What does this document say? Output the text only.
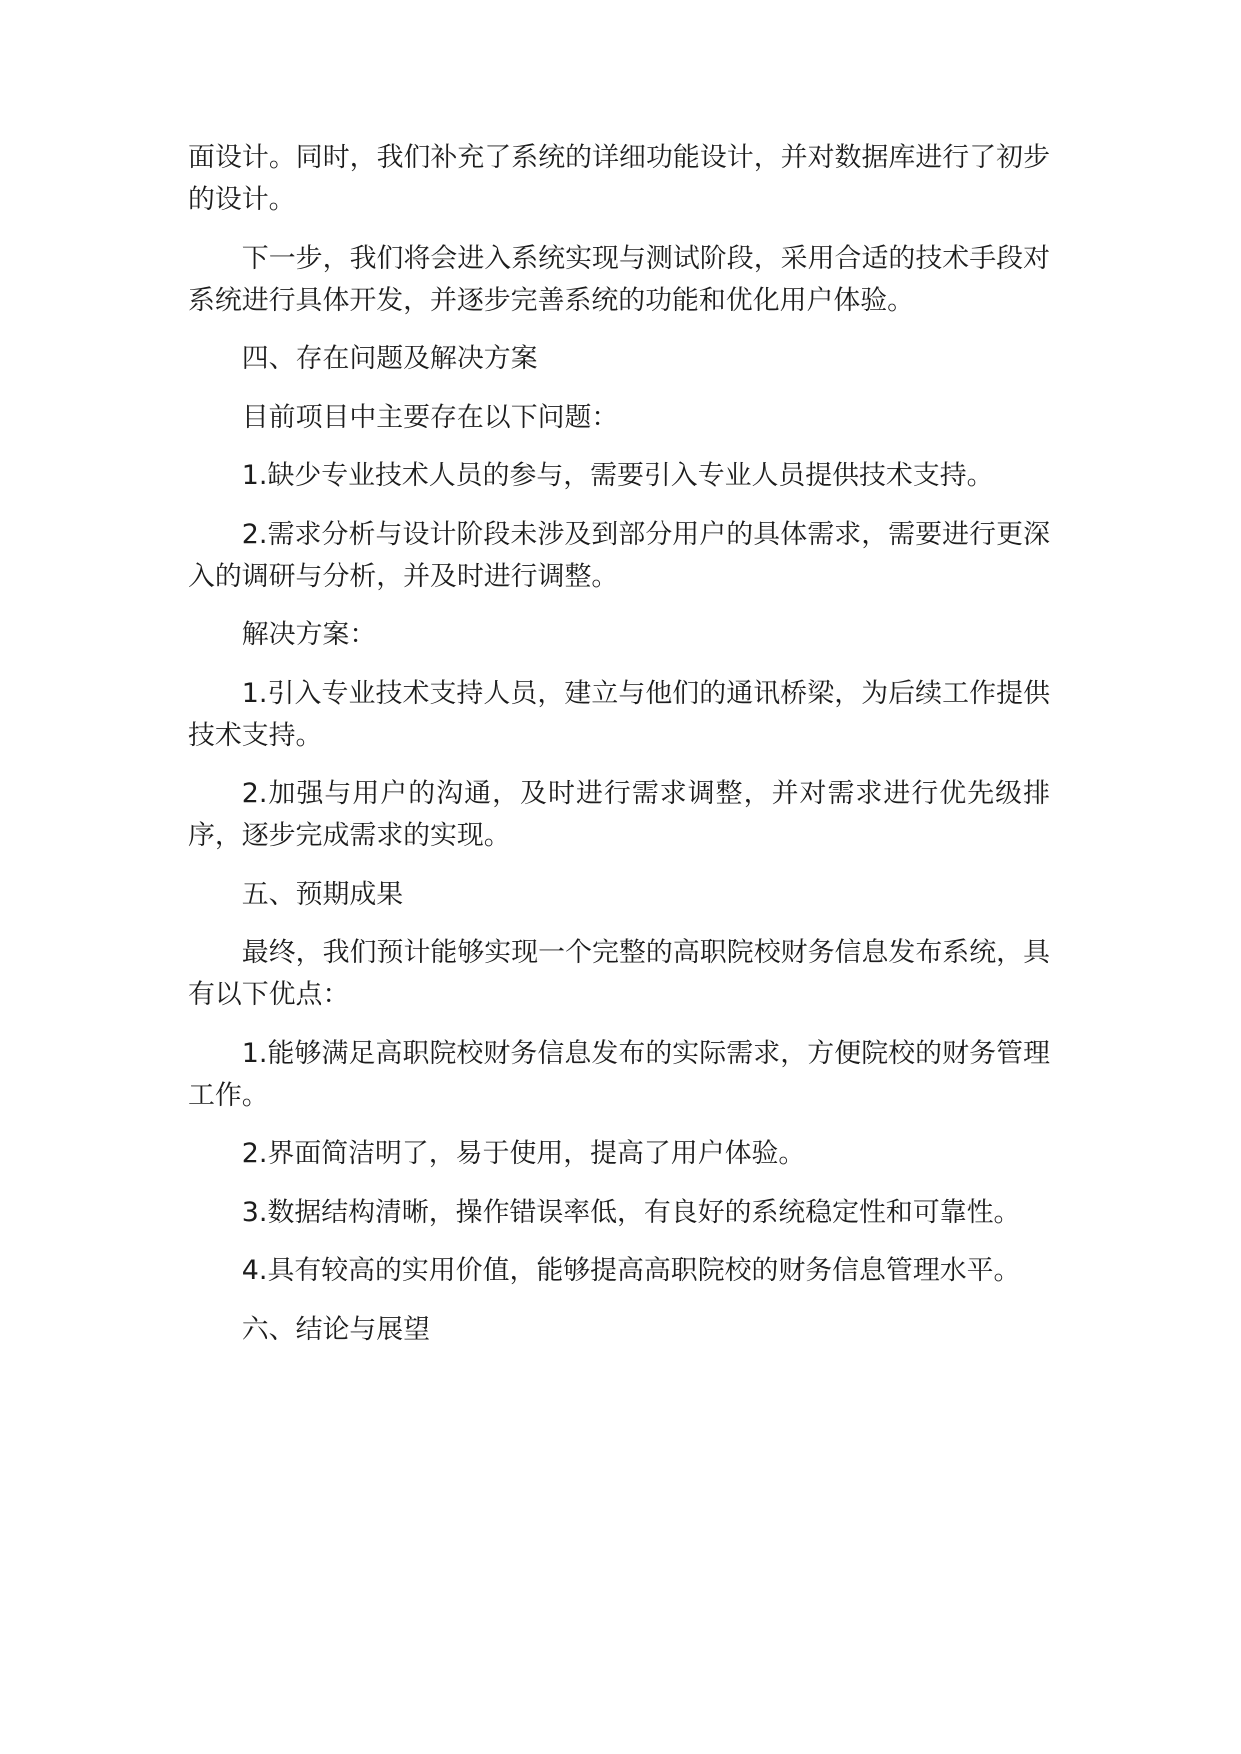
面设计。同时，我们补充了系统的详细功能设计，并对数据库进行了初步的设计。

下一步，我们将会进入系统实现与测试阶段，采用合适的技术手段对系统进行具体开发，并逐步完善系统的功能和优化用户体验。

四、存在问题及解决方案

目前项目中主要存在以下问题：

1.缺少专业技术人员的参与，需要引入专业人员提供技术支持。

2.需求分析与设计阶段未涉及到部分用户的具体需求，需要进行更深入的调研与分析，并及时进行调整。

解决方案：

1.引入专业技术支持人员，建立与他们的通讯桥梁，为后续工作提供技术支持。

2.加强与用户的沟通，及时进行需求调整，并对需求进行优先级排序，逐步完成需求的实现。

五、预期成果

最终，我们预计能够实现一个完整的高职院校财务信息发布系统，具有以下优点：

1.能够满足高职院校财务信息发布的实际需求，方便院校的财务管理工作。

2.界面简洁明了，易于使用，提高了用户体验。

3.数据结构清晰，操作错误率低，有良好的系统稳定性和可靠性。

4.具有较高的实用价值，能够提高高职院校的财务信息管理水平。

六、结论与展望
